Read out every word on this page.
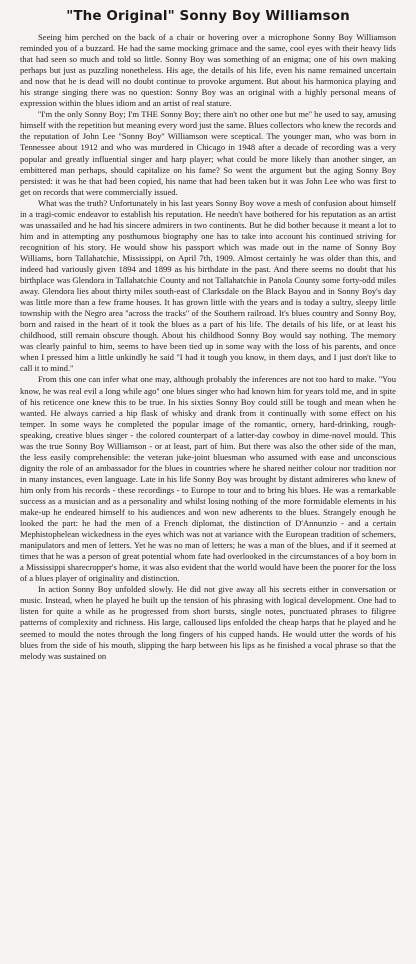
"The Original" Sonny Boy Williamson

Seeing him perched on the back of a chair or hovering over a microphone Sonny Boy Williamson reminded you of a buzzard. He had the same mocking grimace and the same, cool eyes with their heavy lids that had seen so much and told so little. Sonny Boy was something of an enigma; one of his own making perhaps but just as puzzling nonetheless. His age, the details of his life, even his name remained uncertain and now that he is dead will no doubt continue to provoke argument. But about his harmonica playing and his strange singing there was no question: Sonny Boy was an original with a highly personal means of expression within the blues idiom and an artist of real stature.

''I'm the only Sonny Boy; I'm THE Sonny Boy; there ain't no other one but me'' he used to say, amusing himself with the repetition but meaning every word just the same. Blues collectors who knew the records and the reputation of John Lee ''Sonny Boy'' Williamson were sceptical. The younger man, who was born in Tennessee about 1912 and who was murdered in Chicago in 1948 after a decade of recording was a very popular and greatly influential singer and harp player; what could be more likely than another singer, an embittered man perhaps, should capitalize on his fame? So went the argument but the aging Sonny Boy persisted: it was he that had been copied, his name that had been taken but it was John Lee who was first to get on records that were commercially issued.

What was the truth? Unfortunately in his last years Sonny Boy wove a mesh of confusion about himself in a tragi-comic endeavor to establish his reputation. He needn't have bothered for his reputation as an artist was unassailed and he had his sincere admirers in two continents. But he did bother because it meant a lot to him and in attempting any posthumous biography one has to take into account his continued striving for recognition of his story. He would show his passport which was made out in the name of Sonny Boy Williams, born Tallahatchie, Mississippi, on April 7th, 1909. Almost certainly he was older than this, and indeed had variously given 1894 and 1899 as his birthdate in the past. And there seems no doubt that his birthplace was Glendora in Tallahatchie County and not Tallahatchie in Panola County some forty-odd miles away. Glendora lies about thirty miles south-east of Clarksdale on the Black Bayou and in Sonny Boy's day was little more than a few frame houses. It has grown little with the years and is today a sultry, sleepy little township with the Negro area ''across the tracks'' of the Southern railroad. It's blues country and Sonny Boy, born and raised in the heart of it took the blues as a part of his life. The details of his life, or at least his childhood, still remain obscure though. About his childhood Sonny Boy would say nothing. The memory was clearly painful to him, seems to have been tied up in some way with the loss of his parents, and once when I pressed him a little unkindly he said ''I had it tough you know, in them days, and I just don't like to call it to mind.''

From this one can infer what one may, although probably the inferences are not too hard to make. ''You know, he was real evil a long while ago'' one blues singer who had known him for years told me, and in spite of his reticence one knew this to be true. In his sixties Sonny Boy could still be tough and mean when he wanted. He always carried a hip flask of whisky and drank from it continually with some effect on his temper. In some ways he completed the popular image of the romantic, ornery, hard-drinking, rough-speaking, creative blues singer - the colored counterpart of a latter-day cowboy in dime-novel mould. This was the true Sonny Boy Williamson - or at least, part of him. But there was also the other side of the man, the less easily comprehensible: the veteran juke-joint bluesman who assumed with ease and unconscious dignity the role of an ambassador for the blues in countries where he shared neither colour nor tradition nor in many instances, even language. Late in his life Sonny Boy was brought by distant admireres who knew of him only from his records - these recordings - to Europe to tour and to bring his blues. He was a remarkable success as a musician and as a personality and whilst losing nothing of the more formidable elements in his make-up he endeared himself to his audiences and won new adherents to the blues. Strangely enough he looked the part: he had the men of a French diplomat, the distinction of D'Annunzio - and a certain Mephistophelean wickedness in the eyes which was not at variance with the European tradition of schemers, manipulators and men of letters. Yet he was no man of letters; he was a man of the blues, and if it seemed at times that he was a person of great potential whom fate had overlooked in the circumstances of a boy born in a Mississippi sharecropper's home, it was also evident that the world would have been the poorer for the loss of a blues player of originality and distinction.

In action Sonny Boy unfolded slowly. He did not give away all his secrets either in conversation or music. Instead, when he played he built up the tension of his phrasing with logical development. One had to listen for quite a while as he progressed from short bursts, single notes, punctuated phrases to filigree patterns of complexity and richness. His large, calloused lips enfolded the cheap harps that he played and he seemed to mould the notes through the long fingers of his cupped hands. He would utter the words of his blues from the side of his mouth, slipping the harp between his lips as he finished a vocal phrase so that the melody was sustained on
